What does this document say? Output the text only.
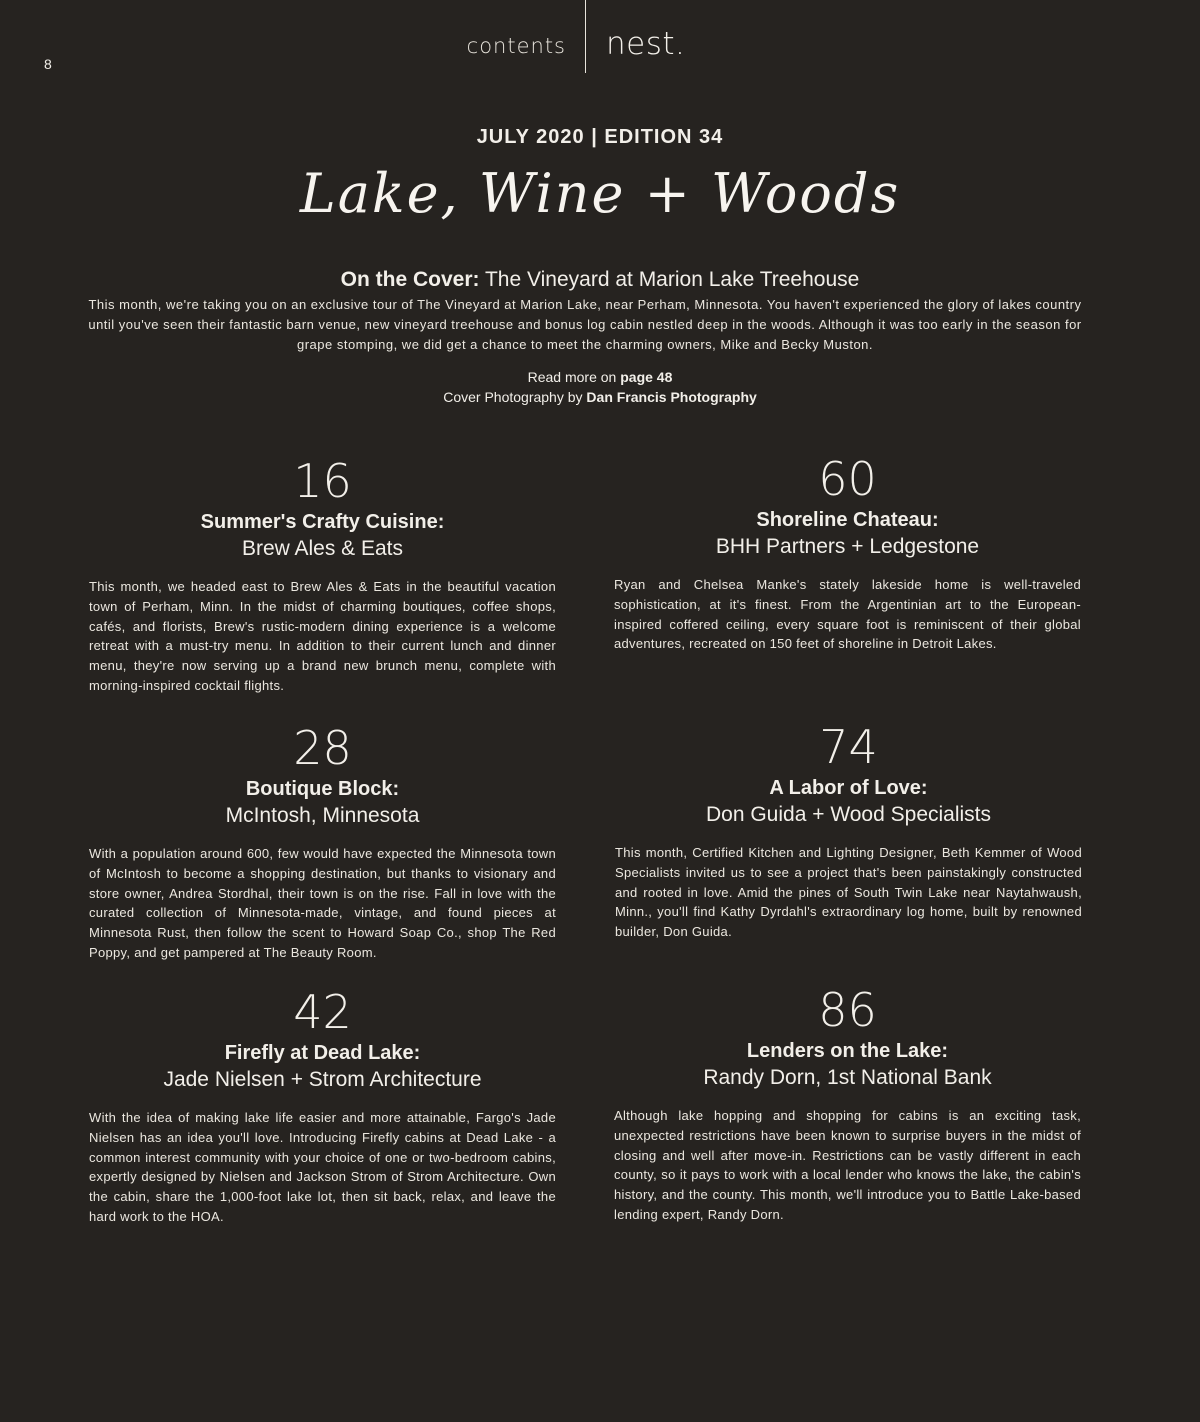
8
contents nest.
JULY 2020 | EDITION 34
Lake, Wine + Woods
On the Cover: The Vineyard at Marion Lake Treehouse
This month, we're taking you on an exclusive tour of The Vineyard at Marion Lake, near Perham, Minnesota. You haven't experienced the glory of lakes country until you've seen their fantastic barn venue, new vineyard treehouse and bonus log cabin nestled deep in the woods. Although it was too early in the season for grape stomping, we did get a chance to meet the charming owners, Mike and Becky Muston.
Read more on page 48
Cover Photography by Dan Francis Photography
16
Summer's Crafty Cuisine:
Brew Ales & Eats
This month, we headed east to Brew Ales & Eats in the beautiful vacation town of Perham, Minn. In the midst of charming boutiques, coffee shops, cafés, and florists, Brew's rustic-modern dining experience is a welcome retreat with a must-try menu. In addition to their current lunch and dinner menu, they're now serving up a brand new brunch menu, complete with morning-inspired cocktail flights.
60
Shoreline Chateau:
BHH Partners + Ledgestone
Ryan and Chelsea Manke's stately lakeside home is well-traveled sophistication, at it's finest. From the Argentinian art to the European-inspired coffered ceiling, every square foot is reminiscent of their global adventures, recreated on 150 feet of shoreline in Detroit Lakes.
28
Boutique Block:
McIntosh, Minnesota
With a population around 600, few would have expected the Minnesota town of McIntosh to become a shopping destination, but thanks to visionary and store owner, Andrea Stordhal, their town is on the rise. Fall in love with the curated collection of Minnesota-made, vintage, and found pieces at Minnesota Rust, then follow the scent to Howard Soap Co., shop The Red Poppy, and get pampered at The Beauty Room.
74
A Labor of Love:
Don Guida + Wood Specialists
This month, Certified Kitchen and Lighting Designer, Beth Kemmer of Wood Specialists invited us to see a project that's been painstakingly constructed and rooted in love. Amid the pines of South Twin Lake near Naytahwaush, Minn., you'll find Kathy Dyrdahl's extraordinary log home, built by renowned builder, Don Guida.
42
Firefly at Dead Lake:
Jade Nielsen + Strom Architecture
With the idea of making lake life easier and more attainable, Fargo's Jade Nielsen has an idea you'll love. Introducing Firefly cabins at Dead Lake - a common interest community with your choice of one or two-bedroom cabins, expertly designed by Nielsen and Jackson Strom of Strom Architecture. Own the cabin, share the 1,000-foot lake lot, then sit back, relax, and leave the hard work to the HOA.
86
Lenders on the Lake:
Randy Dorn, 1st National Bank
Although lake hopping and shopping for cabins is an exciting task, unexpected restrictions have been known to surprise buyers in the midst of closing and well after move-in. Restrictions can be vastly different in each county, so it pays to work with a local lender who knows the lake, the cabin's history, and the county. This month, we'll introduce you to Battle Lake-based lending expert, Randy Dorn.
